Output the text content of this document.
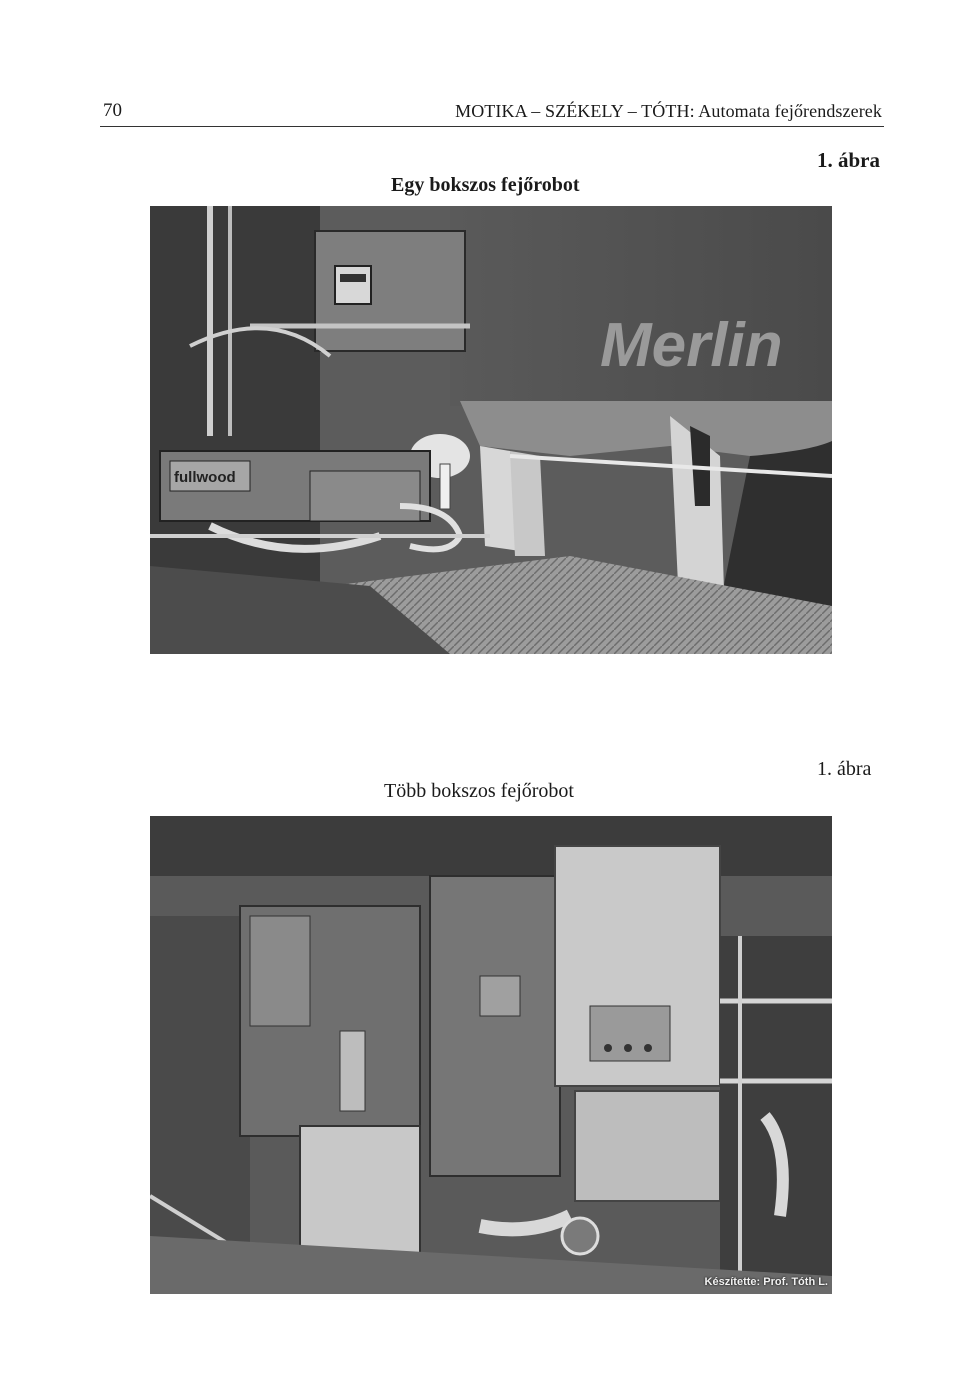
70	MOTIKA – SZÉKELY – TÓTH: Automata fejőrendszerek
1. ábra
Egy bokszos fejőrobot
Merlin
fullwood
1. ábra
Több bokszos fejőrobot
Készítette: Prof. Tóth L.
